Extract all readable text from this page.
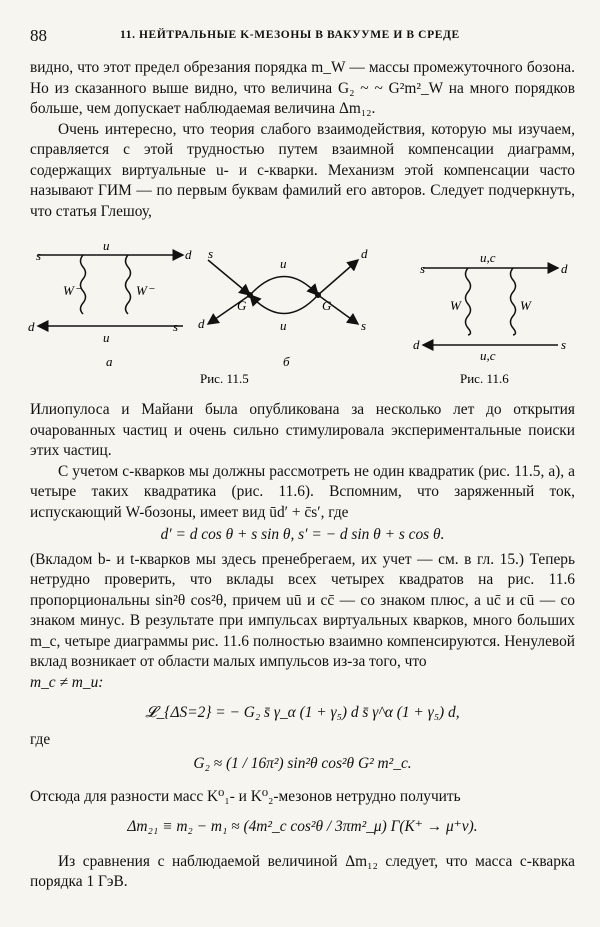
88	11. НЕЙТРАЛЬНЫЕ K-МЕЗОНЫ В ВАКУУМЕ И В СРЕДЕ

видно, что этот предел обрезания порядка m_W — массы промежуточного бозона. Но из сказанного выше видно, что величина G₂ ~ ~ G²m²_W на много порядков больше, чем допускает наблюдаемая величина Δm₁₂.

Очень интересно, что теория слабого взаимодействия, которую мы изучаем, справляется с этой трудностью путем взаимной компенсации диаграмм, содержащих виртуальные u- и c-кварки. Механизм этой компенсации часто называют ГИМ — по первым буквам фамилий его авторов. Следует подчеркнуть, что статья Глешоу,

s	d
u
d	s
u
W⁻	W⁻
а
s
d
d
s
u
u
G	G
б
Рис. 11.5
s	d
u,c
d	s
u,c
W	W
Рис. 11.6

Илиопулоса и Майани была опубликована за несколько лет до открытия очарованных частиц и очень сильно стимулировала экспериментальные поиски этих частиц.

С учетом c-кварков мы должны рассмотреть не один квадратик (рис. 11.5, a), а четыре таких квадратика (рис. 11.6). Вспомним, что заряженный ток, испускающий W-бозоны, имеет вид ūd′ + c̄s′, где

d′ = d cos θ + s sin θ, s′ = − d sin θ + s cos θ.

(Вкладом b- и t-кварков мы здесь пренебрегаем, их учет — см. в гл. 15.) Теперь нетрудно проверить, что вклады всех четырех квадратов на рис. 11.6 пропорциональны sin²θ cos²θ, причем uū и cc̄ — со знаком плюс, а uc̄ и cū — со знаком минус. В результате при импульсах виртуальных кварков, много больших m_c, четыре диаграммы рис. 11.6 полностью взаимно компенсируются. Ненулевой вклад возникает от области малых импульсов из-за того, что

m_c ≠ m_u:

𝓛_{ΔS=2} = − G₂ s̄ γ_α (1 + γ₅) d s̄ γ^α (1 + γ₅) d,

где

G₂ ≈ (1 / 16π²) sin²θ cos²θ G² m²_c.

Отсюда для разности масс K⁰₁- и K⁰₂-мезонов нетрудно получить

Δm₂₁ ≡ m₂ − m₁ ≈ (4m²_c cos²θ / 3πm²_μ) Γ(K⁺ → μ⁺ν).

Из сравнения с наблюдаемой величиной Δm₁₂ следует, что масса c-кварка порядка 1 ГэВ.
